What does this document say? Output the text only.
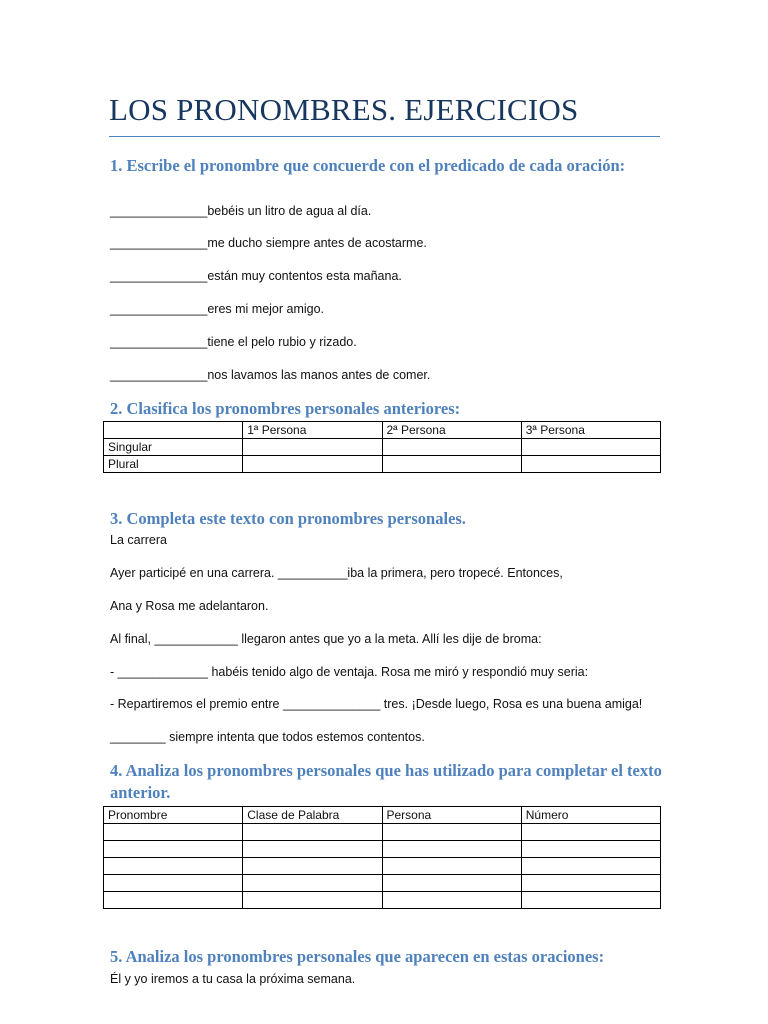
LOS PRONOMBRES. EJERCICIOS
1. Escribe el pronombre que concuerde con el predicado de cada oración:
______________bebéis un litro de agua al día.
______________me ducho siempre antes de acostarme.
______________están muy contentos esta mañana.
______________eres mi mejor amigo.
______________tiene el pelo rubio y rizado.
______________nos lavamos las manos antes de comer.
2. Clasifica los pronombres personales anteriores:
	1ª Persona	2ª Persona	3ª Persona
Singular			
Plural			
3. Completa este texto con pronombres personales.
La carrera
Ayer participé en una carrera. __________iba la primera, pero tropecé. Entonces,
Ana y Rosa me adelantaron.
Al final, ____________ llegaron antes que yo a la meta. Allí les dije de broma:
- _____________ habéis tenido algo de ventaja. Rosa me miró y respondió muy seria:
- Repartiremos el premio entre ______________ tres. ¡Desde luego, Rosa es una buena amiga!
________ siempre intenta que todos estemos contentos.
4. Analiza los pronombres personales que has utilizado para completar el texto anterior.
Pronombre	Clase de Palabra	Persona	Número

5. Analiza los pronombres personales que aparecen en estas oraciones:
Él y yo iremos a tu casa la próxima semana.
